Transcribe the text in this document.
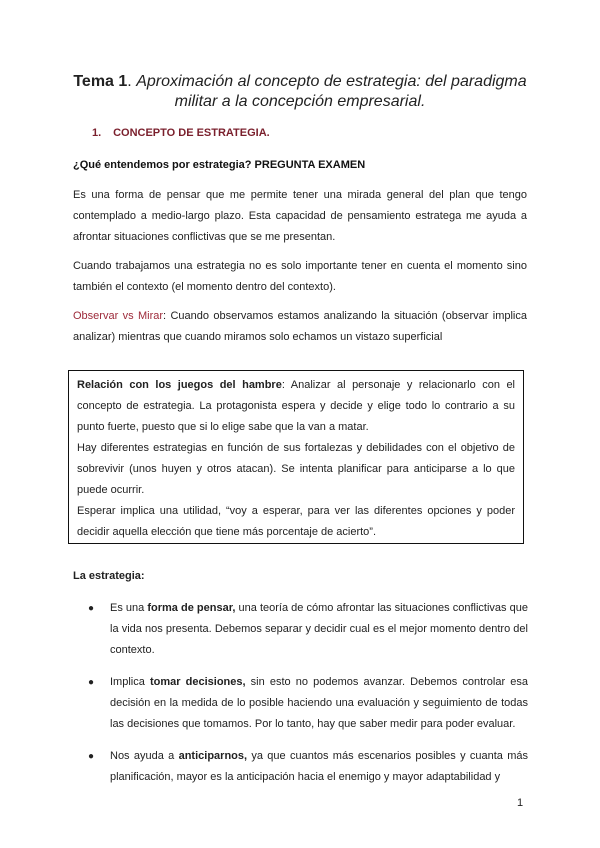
Tema 1. Aproximación al concepto de estrategia: del paradigma militar a la concepción empresarial.
1. CONCEPTO DE ESTRATEGIA.
¿Qué entendemos por estrategia? PREGUNTA EXAMEN
Es una forma de pensar que me permite tener una mirada general del plan que tengo contemplado a medio-largo plazo. Esta capacidad de pensamiento estratega me ayuda a afrontar situaciones conflictivas que se me presentan.
Cuando trabajamos una estrategia no es solo importante tener en cuenta el momento sino también el contexto (el momento dentro del contexto).
Observar vs Mirar: Cuando observamos estamos analizando la situación (observar implica analizar) mientras que cuando miramos solo echamos un vistazo superficial

Relación con los juegos del hambre: Analizar al personaje y relacionarlo con el concepto de estrategia. La protagonista espera y decide y elige todo lo contrario a su punto fuerte, puesto que si lo elige sabe que la van a matar.

Hay diferentes estrategias en función de sus fortalezas y debilidades con el objetivo de sobrevivir (unos huyen y otros atacan). Se intenta planificar para anticiparse a lo que puede ocurrir.

Esperar implica una utilidad, “voy a esperar, para ver las diferentes opciones y poder decidir aquella elección que tiene más porcentaje de acierto”.

La estrategia:
● Es una forma de pensar, una teoría de cómo afrontar las situaciones conflictivas que la vida nos presenta. Debemos separar y decidir cual es el mejor momento dentro del contexto.
● Implica tomar decisiones, sin esto no podemos avanzar. Debemos controlar esa decisión en la medida de lo posible haciendo una evaluación y seguimiento de todas las decisiones que tomamos. Por lo tanto, hay que saber medir para poder evaluar.
● Nos ayuda a anticiparnos, ya que cuantos más escenarios posibles y cuanta más planificación, mayor es la anticipación hacia el enemigo y mayor adaptabilidad y
1
